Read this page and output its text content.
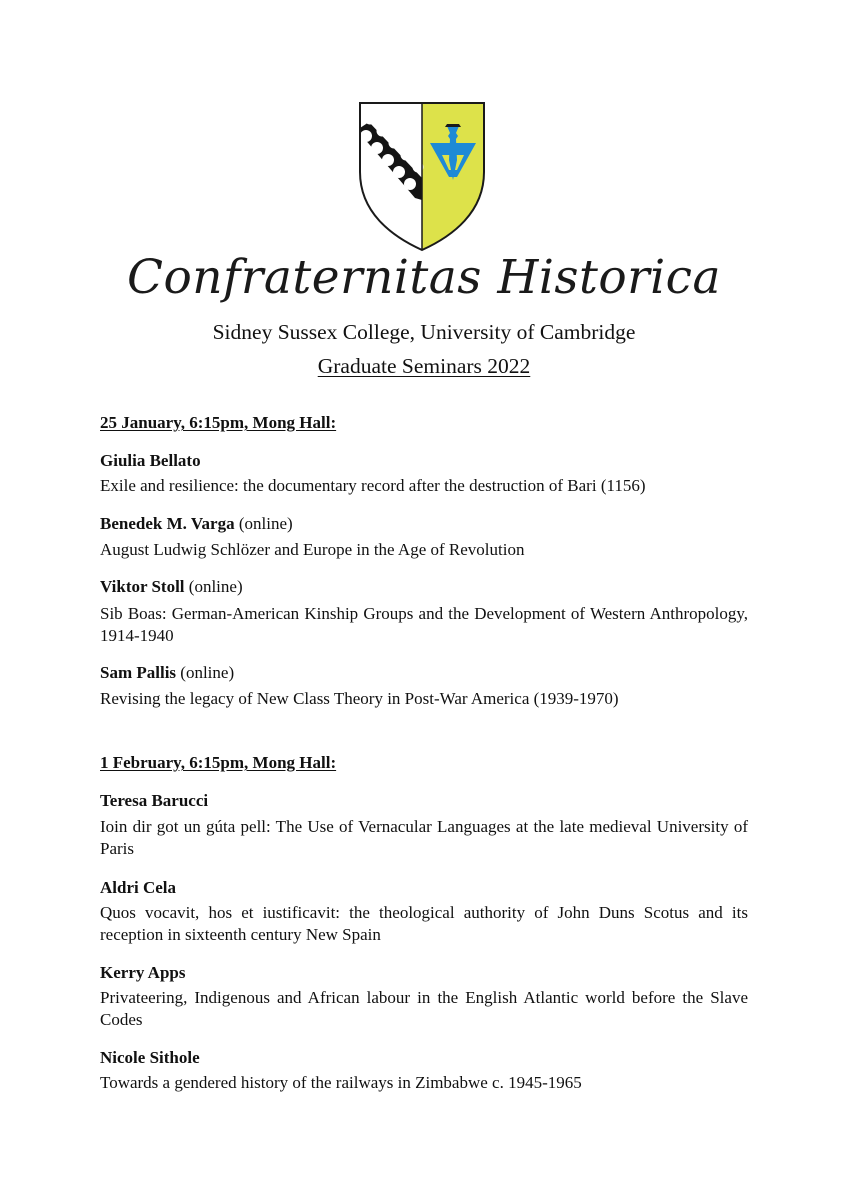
Confraternitas Historica
Sidney Sussex College, University of Cambridge
Graduate Seminars 2022
25 January, 6:15pm, Mong Hall:
Giulia Bellato
Exile and resilience: the documentary record after the destruction of Bari (1156)
Benedek M. Varga (online)
August Ludwig Schlözer and Europe in the Age of Revolution
Viktor Stoll (online)
Sib Boas: German-American Kinship Groups and the Development of Western Anthropology, 1914-1940
Sam Pallis (online)
Revising the legacy of New Class Theory in Post-War America (1939-1970)
1 February, 6:15pm, Mong Hall:
Teresa Barucci
Ioin dir got un gúta pell: The Use of Vernacular Languages at the late medieval University of Paris
Aldri Cela
Quos vocavit, hos et iustificavit: the theological authority of John Duns Scotus and its reception in sixteenth century New Spain
Kerry Apps
Privateering, Indigenous and African labour in the English Atlantic world before the Slave Codes
Nicole Sithole
Towards a gendered history of the railways in Zimbabwe c. 1945-1965
